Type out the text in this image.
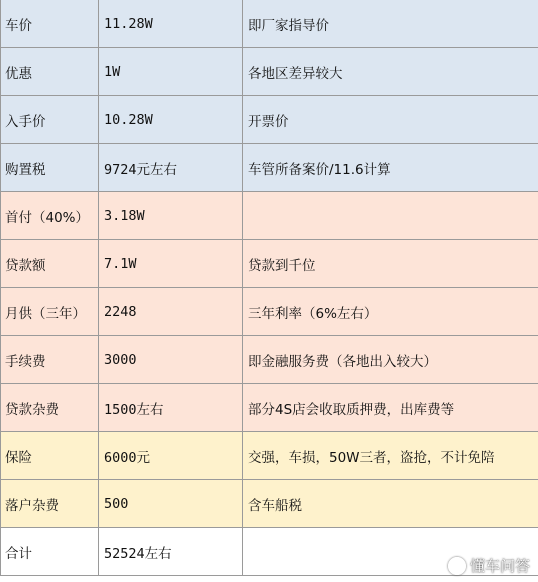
车价	11.28W	即厂家指导价
优惠	1W	各地区差异较大
入手价	10.28W	开票价
购置税	9724元左右	车管所备案价/11.6计算
首付（40%）	3.18W	
贷款额	7.1W	贷款到千位
月供（三年）	2248	三年利率（6%左右）
手续费	3000	即金融服务费（各地出入较大）
贷款杂费	1500左右	部分4S店会收取质押费，出库费等
保险	6000元	交强，车损，50W三者，盗抢，不计免陪
落户杂费	500	含车船税
合计	52524左右	
懂车问答
